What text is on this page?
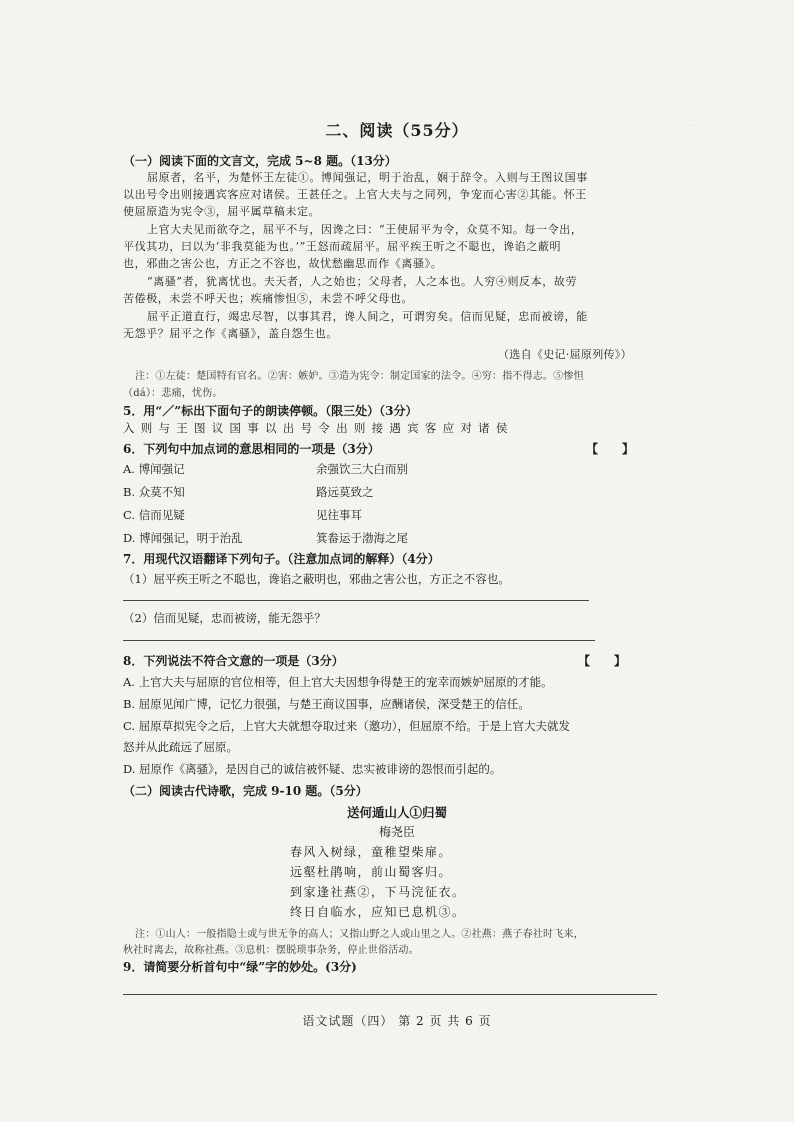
…
二、阅读（55分）
（一）阅读下面的文言文，完成 5~8 题。（13分）
屈原者，名平，为楚怀王左徒①。博闻强记，明于治乱，娴于辞令。入则与王图议国事
以出号令出则接遇宾客应对诸侯。王甚任之。上官大夫与之同列，争宠而心害②其能。怀王
使屈原造为宪令③，屈平属草稿未定。
上官大夫见而欲夺之，屈平不与，因谗之曰：“王使屈平为令，众莫不知。每一令出，
平伐其功，曰以为‘非我莫能为也。’”王怒而疏屈平。屈平疾王听之不聪也，谗谄之蔽明
也，邪曲之害公也，方正之不容也，故忧愁幽思而作《离骚》。
“离骚”者，犹离忧也。夫天者，人之始也；父母者，人之本也。人穷④则反本，故劳
苦倦极，未尝不呼天也；疾痛惨怛⑤，未尝不呼父母也。
屈平正道直行，竭忠尽智，以事其君，谗人间之，可谓穷矣。信而见疑，忠而被谤，能
无怨乎？屈平之作《离骚》，盖自怨生也。
（选自《史记·屈原列传》）
注：①左徒：楚国特有官名。②害：嫉妒。③造为宪令：制定国家的法令。④穷：指不得志。⑤惨怛
（dá）：悲痛，忧伤。
5．用“／”标出下面句子的朗读停顿。（限三处）（3分）
入 则 与 王 图 议 国 事 以 出 号 令 出 则 接 遇 宾 客 应 对 诸 侯
6．下列句中加点词的意思相同的一项是（3分）	【　　】
A. 博闻强记	余强饮三大白而别
B. 众莫不知	路远莫致之
C. 信而见疑	见往事耳
D. 博闻强记，明于治乱	箕畚运于渤海之尾
7．用现代汉语翻译下列句子。（注意加点词的解释）（4分）
（1）屈平疾王听之不聪也，谗谄之蔽明也，邪曲之害公也，方正之不容也。
（2）信而见疑，忠而被谤，能无怨乎？
8．下列说法不符合文意的一项是（3分）	【　　】
A. 上官大夫与屈原的官位相等，但上官大夫因想争得楚王的宠幸而嫉妒屈原的才能。
B. 屈原见闻广博，记忆力很强，与楚王商议国事，应酬诸侯，深受楚王的信任。
C. 屈原草拟宪令之后，上官大夫就想夺取过来（邀功），但屈原不给。于是上官大夫就发
怒并从此疏远了屈原。
D. 屈原作《离骚》，是因自己的诚信被怀疑、忠实被诽谤的怨恨而引起的。
（二）阅读古代诗歌，完成 9-10 题。（5分）
送何遁山人①归蜀
梅尧臣
春风入树绿，童稚望柴扉。
远壑杜鹃响，前山蜀客归。
到家逢社燕②，下马浣征衣。
终日自临水，应知已息机③。
注：①山人：一般指隐士或与世无争的高人；又指山野之人或山里之人。②社燕：燕子春社时飞来，
秋社时离去，故称社燕。③息机：摆脱琐事杂务，停止世俗活动。
9．请简要分析首句中“绿”字的妙处。(3分)
语文试题（四） 第 2 页 共 6 页
